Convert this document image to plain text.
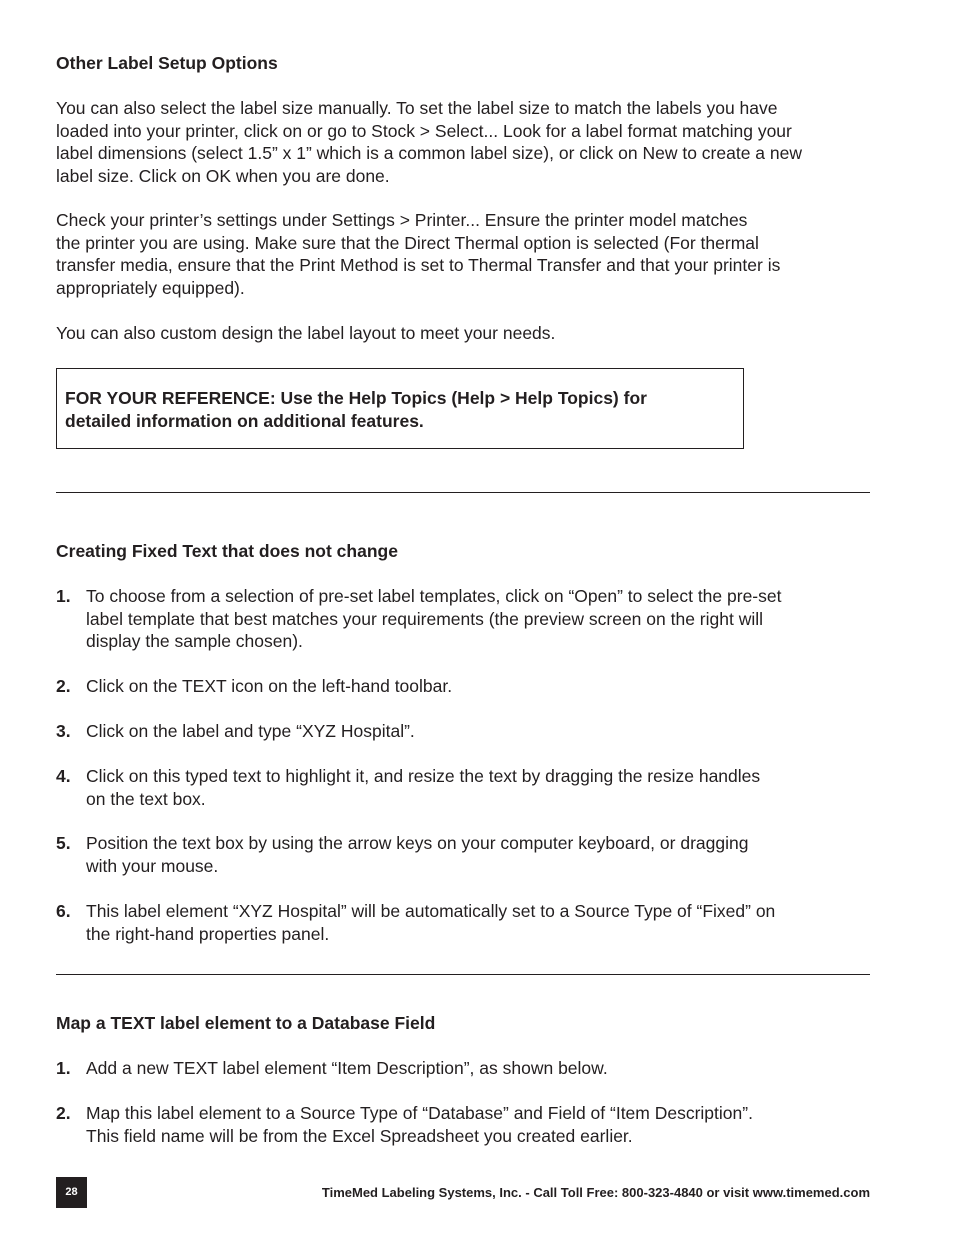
Other Label Setup Options

You can also select the label size manually. To set the label size to match the labels you have
loaded into your printer, click on or go to Stock > Select... Look for a label format matching your
label dimensions (select 1.5” x 1” which is a common label size), or click on New to create a new
label size. Click on OK when you are done.

Check your printer’s settings under Settings > Printer... Ensure the printer model matches
the printer you are using. Make sure that the Direct Thermal option is selected (For thermal
transfer media, ensure that the Print Method is set to Thermal Transfer and that your printer is
appropriately equipped).

You can also custom design the label layout to meet your needs.

FOR YOUR REFERENCE: Use the Help Topics (Help > Help Topics) for
detailed information on additional features.
Creating Fixed Text that does not change
1. To choose from a selection of pre-set label templates, click on “Open” to select the pre-set
label template that best matches your requirements (the preview screen on the right will
display the sample chosen).
2. Click on the TEXT icon on the left-hand toolbar.
3. Click on the label and type “XYZ Hospital”.
4. Click on this typed text to highlight it, and resize the text by dragging the resize handles
on the text box.
5. Position the text box by using the arrow keys on your computer keyboard, or dragging
with your mouse.
6. This label element “XYZ Hospital” will be automatically set to a Source Type of “Fixed” on
the right-hand properties panel.
Map a TEXT label element to a Database Field
1. Add a new TEXT label element “Item Description”, as shown below.
2. Map this label element to a Source Type of “Database” and Field of “Item Description”.
This field name will be from the Excel Spreadsheet you created earlier.
28	TimeMed Labeling Systems, Inc. - Call Toll Free: 800-323-4840 or visit www.timemed.com
